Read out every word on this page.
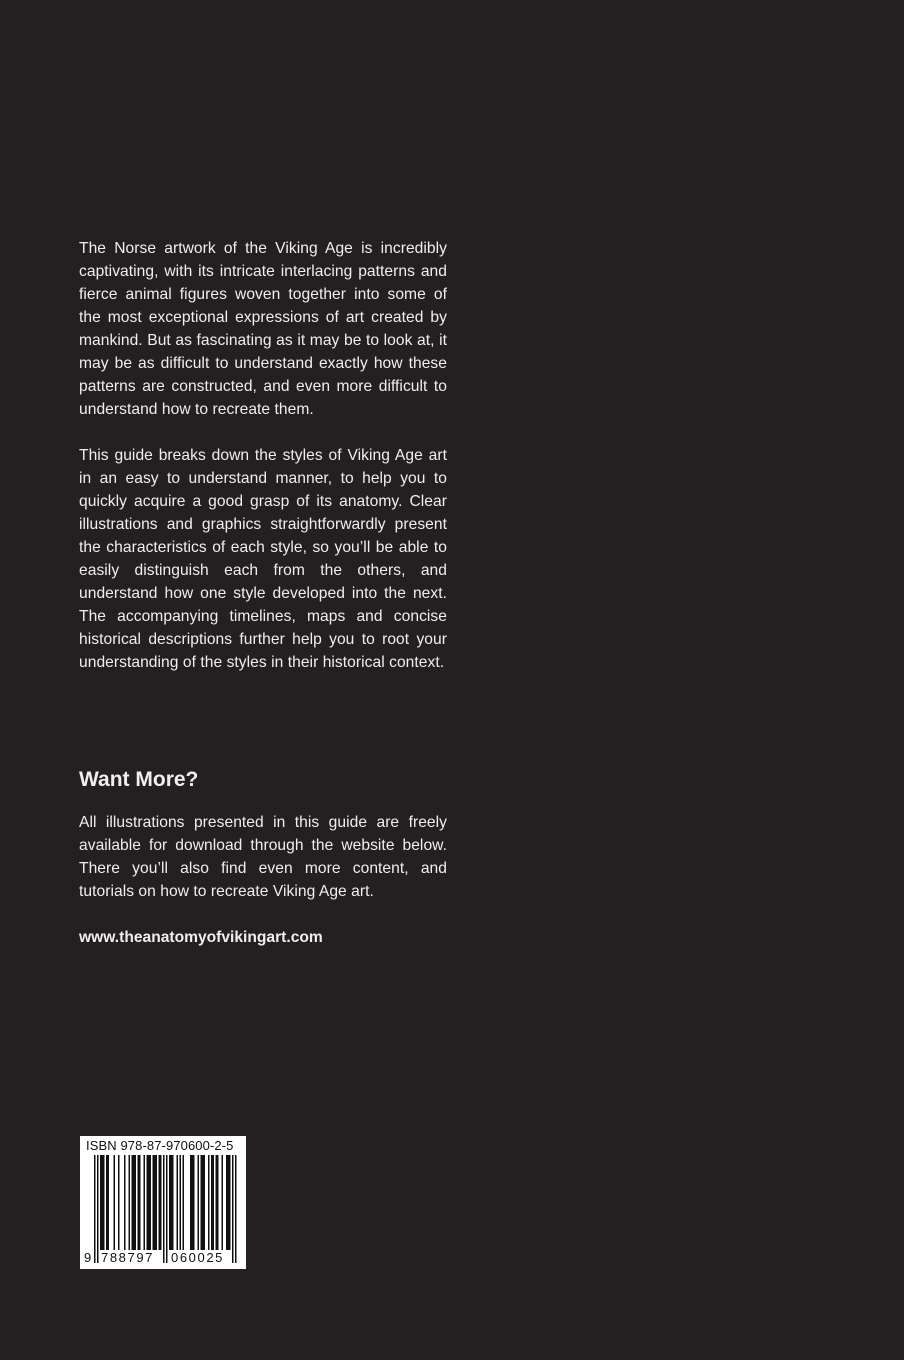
The Norse artwork of the Viking Age is incredibly captivating, with its intricate interlacing patterns and fierce animal figures woven together into some of the most exceptional expressions of art created by mankind. But as fascinating as it may be to look at, it may be as difficult to understand exactly how these patterns are constructed, and even more difficult to understand how to recreate them.

This guide breaks down the styles of Viking Age art in an easy to understand manner, to help you to quickly acquire a good grasp of its anatomy. Clear illustrations and graphics straightforwardly present the characteristics of each style, so you’ll be able to easily distinguish each from the others, and understand how one style developed into the next. The accompanying timelines, maps and concise historical descriptions further help you to root your understanding of the styles in their historical context.

Want More?

All illustrations presented in this guide are freely available for download through the website below. There you’ll also find even more content, and tutorials on how to recreate Viking Age art.

www.theanatomyofvikingart.com
ISBN 978-87-970600-2-5
9 788797 060025
